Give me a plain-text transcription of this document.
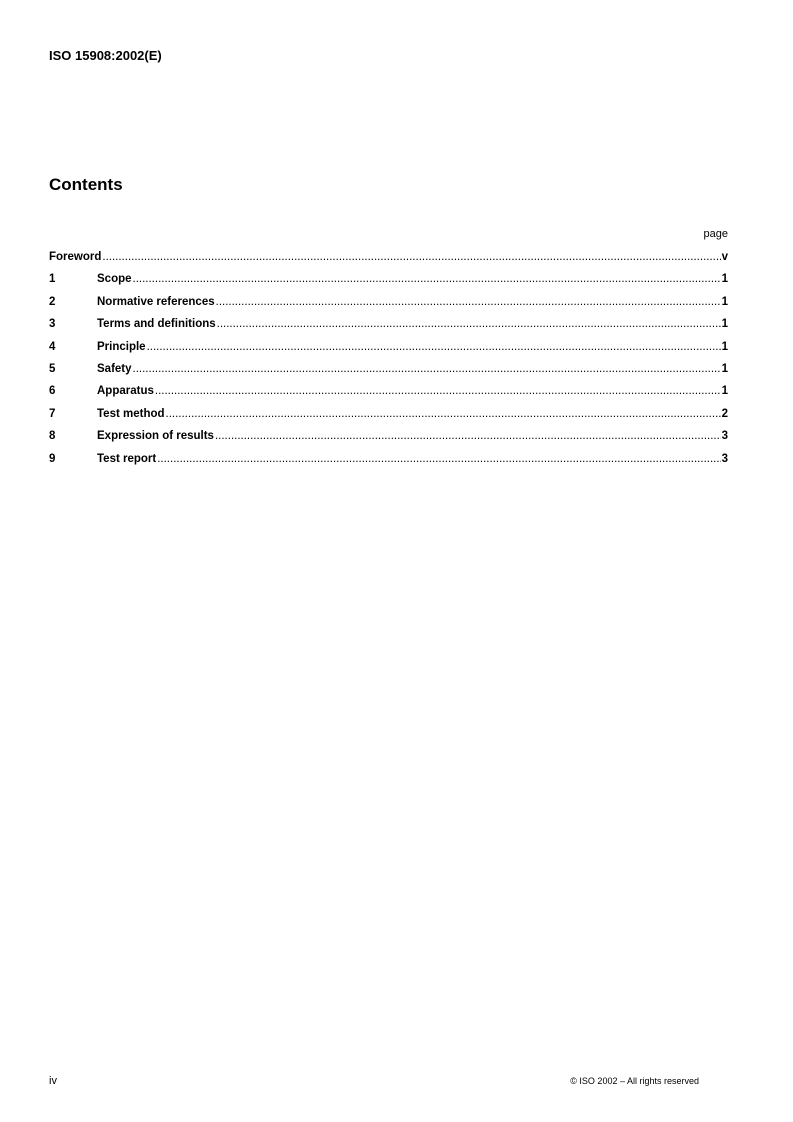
ISO 15908:2002(E)
Contents
page
Foreword .....	v
1	Scope .....	1
2	Normative references .....	1
3	Terms and definitions .....	1
4	Principle .....	1
5	Safety .....	1
6	Apparatus .....	1
7	Test method .....	2
8	Expression of results .....	3
9	Test report .....	3
iv	© ISO 2002 – All rights reserved
